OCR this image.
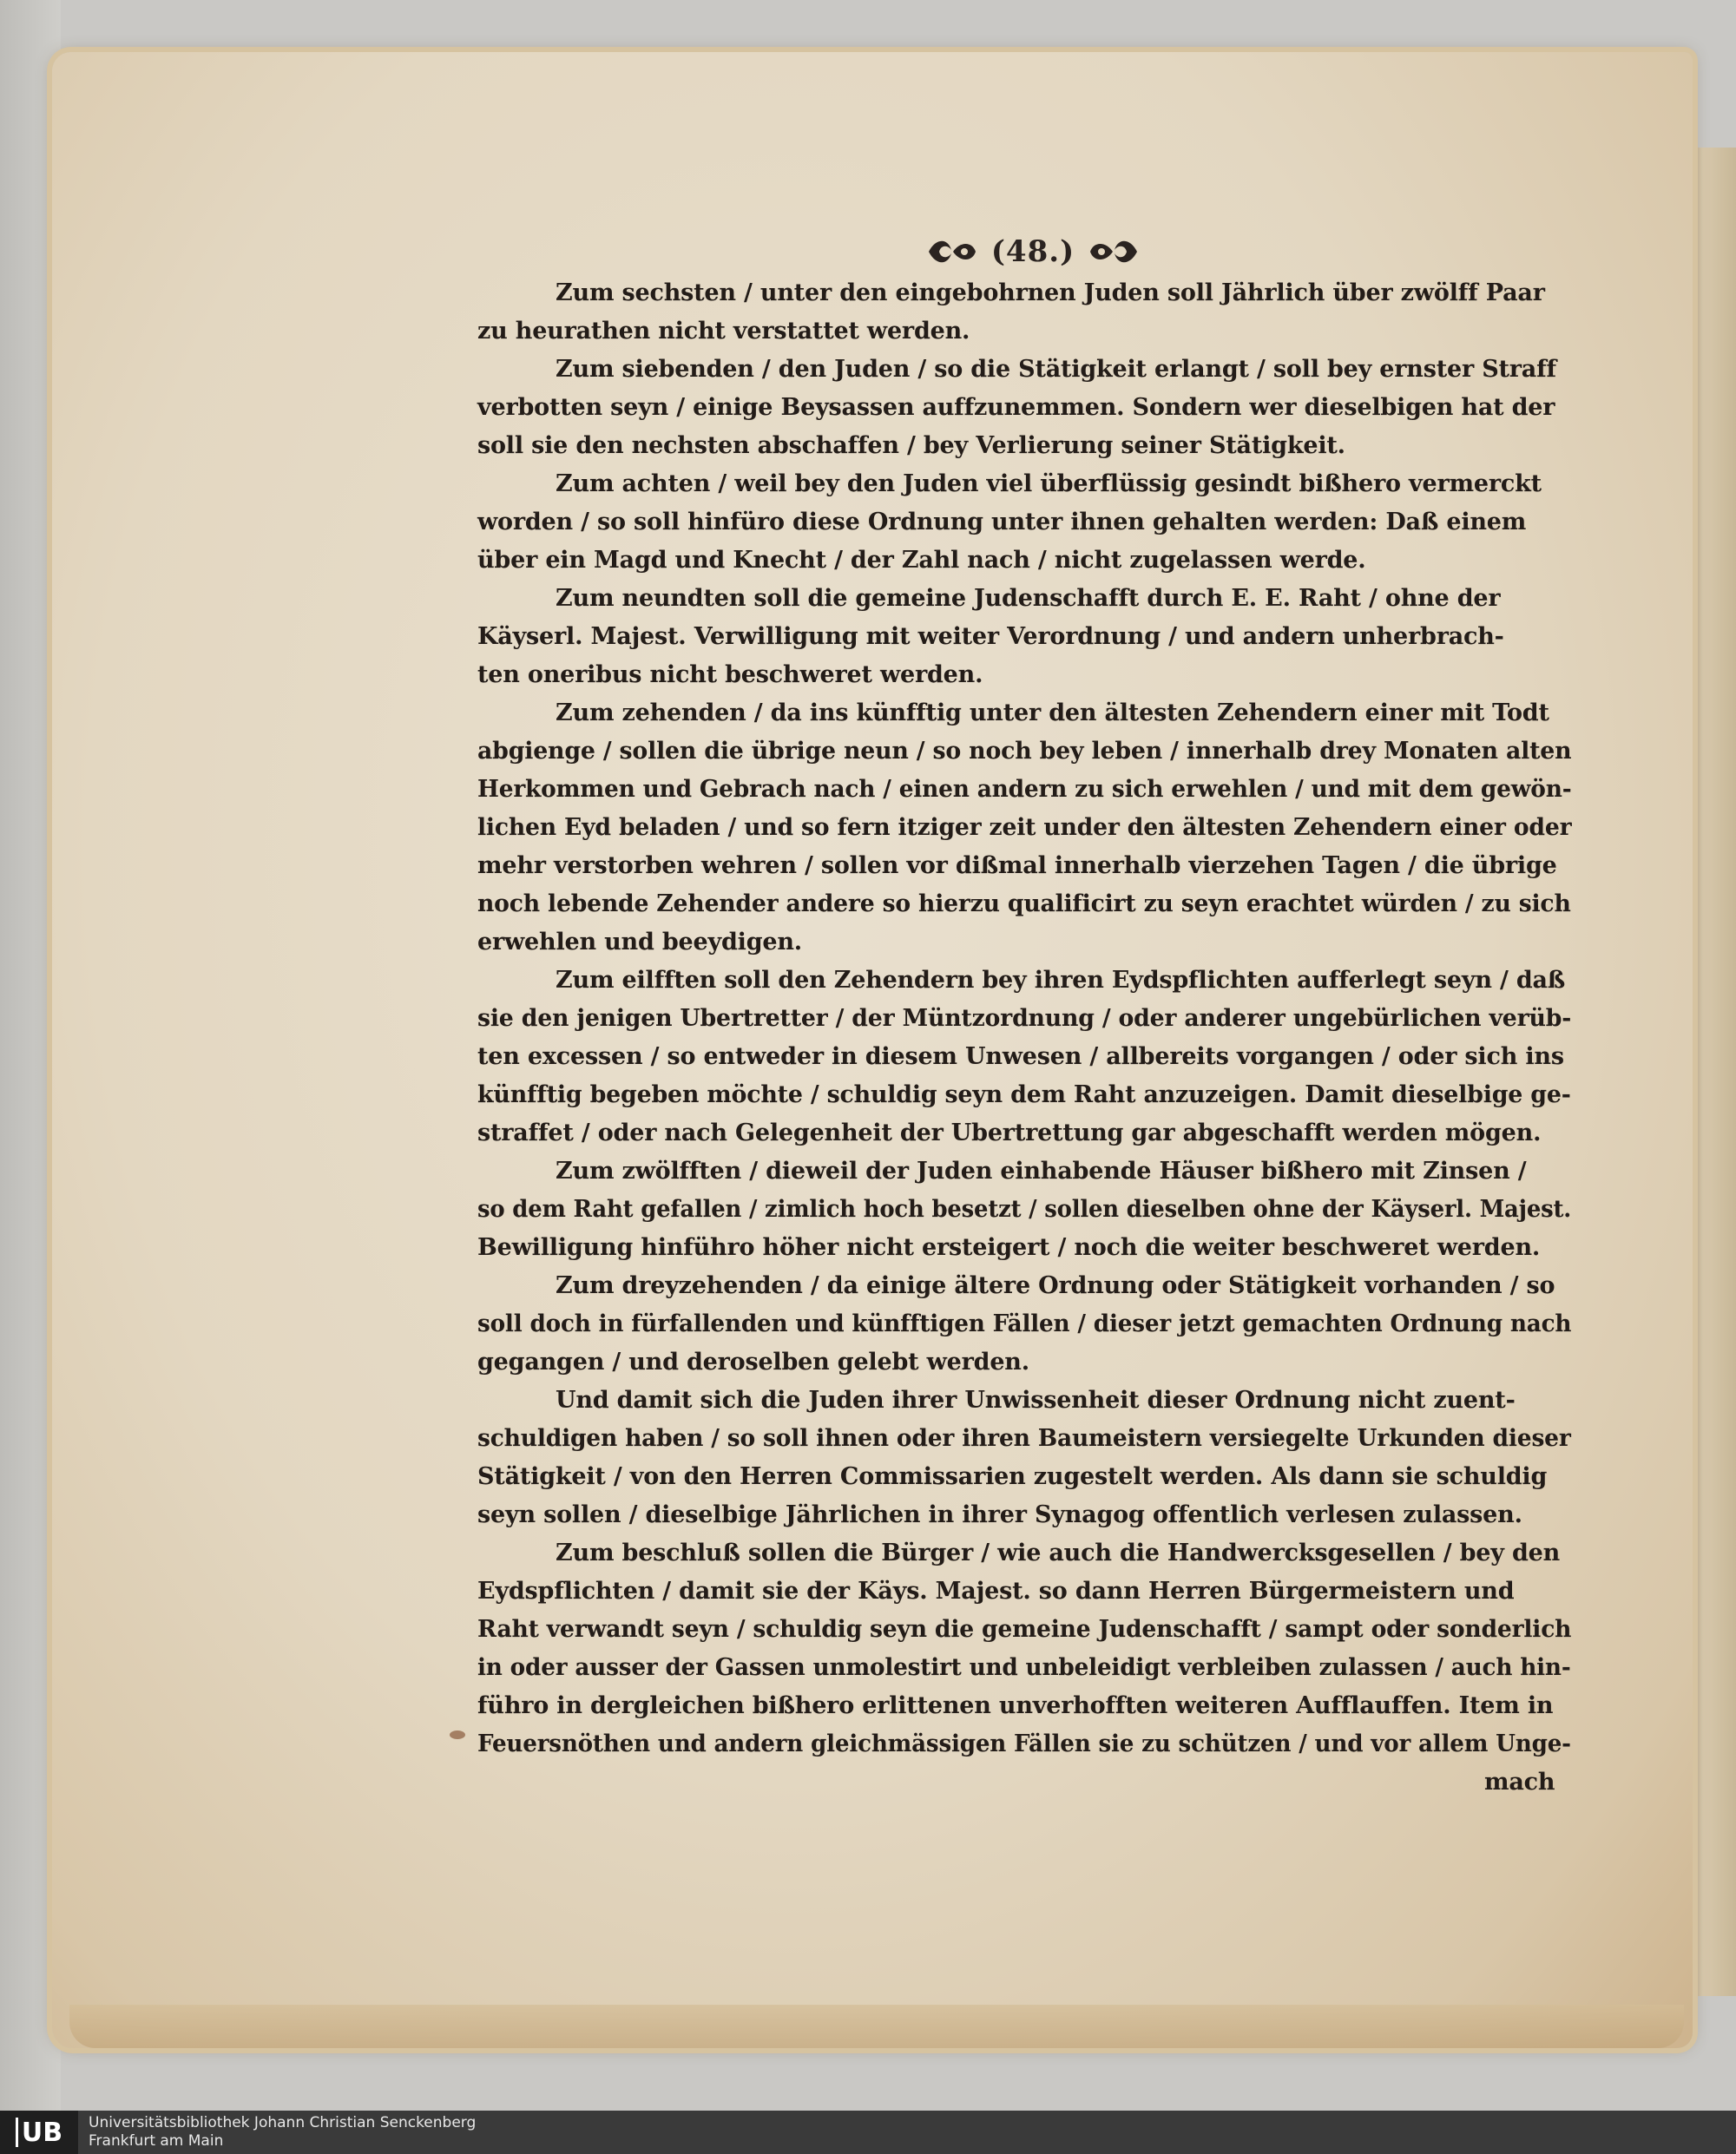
(48.)
Zum sechsten / unter den eingebohrnen Juden soll Jährlich über zwölff Paar
zu heurathen nicht verstattet werden.
Zum siebenden / den Juden / so die Stätigkeit erlangt / soll bey ernster Straff
verbotten seyn / einige Beysassen auffzunemmen. Sondern wer dieselbigen hat der
soll sie den nechsten abschaffen / bey Verlierung seiner Stätigkeit.
Zum achten / weil bey den Juden viel überflüssig gesindt bißhero vermerckt
worden / so soll hinfüro diese Ordnung unter ihnen gehalten werden: Daß einem
über ein Magd und Knecht / der Zahl nach / nicht zugelassen werde.
Zum neundten soll die gemeine Judenschafft durch E. E. Raht / ohne der
Käyserl. Majest. Verwilligung mit weiter Verordnung / und andern unherbrach-
ten oneribus nicht beschweret werden.
Zum zehenden / da ins künfftig unter den ältesten Zehendern einer mit Todt
abgienge / sollen die übrige neun / so noch bey leben / innerhalb drey Monaten alten
Herkommen und Gebrach nach / einen andern zu sich erwehlen / und mit dem gewön-
lichen Eyd beladen / und so fern itziger zeit under den ältesten Zehendern einer oder
mehr verstorben wehren / sollen vor dißmal innerhalb vierzehen Tagen / die übrige
noch lebende Zehender andere so hierzu qualificirt zu seyn erachtet würden / zu sich
erwehlen und beeydigen.
Zum eilfften soll den Zehendern bey ihren Eydspflichten aufferlegt seyn / daß
sie den jenigen Ubertretter / der Müntzordnung / oder anderer ungebürlichen verüb-
ten excessen / so entweder in diesem Unwesen / allbereits vorgangen / oder sich ins
künfftig begeben möchte / schuldig seyn dem Raht anzuzeigen. Damit dieselbige ge-
straffet / oder nach Gelegenheit der Ubertrettung gar abgeschafft werden mögen.
Zum zwölfften / dieweil der Juden einhabende Häuser bißhero mit Zinsen /
so dem Raht gefallen / zimlich hoch besetzt / sollen dieselben ohne der Käyserl. Majest.
Bewilligung hinführo höher nicht ersteigert / noch die weiter beschweret werden.
Zum dreyzehenden / da einige ältere Ordnung oder Stätigkeit vorhanden / so
soll doch in fürfallenden und künfftigen Fällen / dieser jetzt gemachten Ordnung nach
gegangen / und deroselben gelebt werden.
Und damit sich die Juden ihrer Unwissenheit dieser Ordnung nicht zuent-
schuldigen haben / so soll ihnen oder ihren Baumeistern versiegelte Urkunden dieser
Stätigkeit / von den Herren Commissarien zugestelt werden. Als dann sie schuldig
seyn sollen / dieselbige Jährlichen in ihrer Synagog offentlich verlesen zulassen.
Zum beschluß sollen die Bürger / wie auch die Handwercksgesellen / bey den
Eydspflichten / damit sie der Käys. Majest. so dann Herren Bürgermeistern und
Raht verwandt seyn / schuldig seyn die gemeine Judenschafft / sampt oder sonderlich
in oder ausser der Gassen unmolestirt und unbeleidigt verbleiben zulassen / auch hin-
führo in dergleichen bißhero erlittenen unverhofften weiteren Aufflauffen. Item in
Feuersnöthen und andern gleichmässigen Fällen sie zu schützen / und vor allem Unge-
mach
UB Universitätsbibliothek Johann Christian Senckenberg
Frankfurt am Main
